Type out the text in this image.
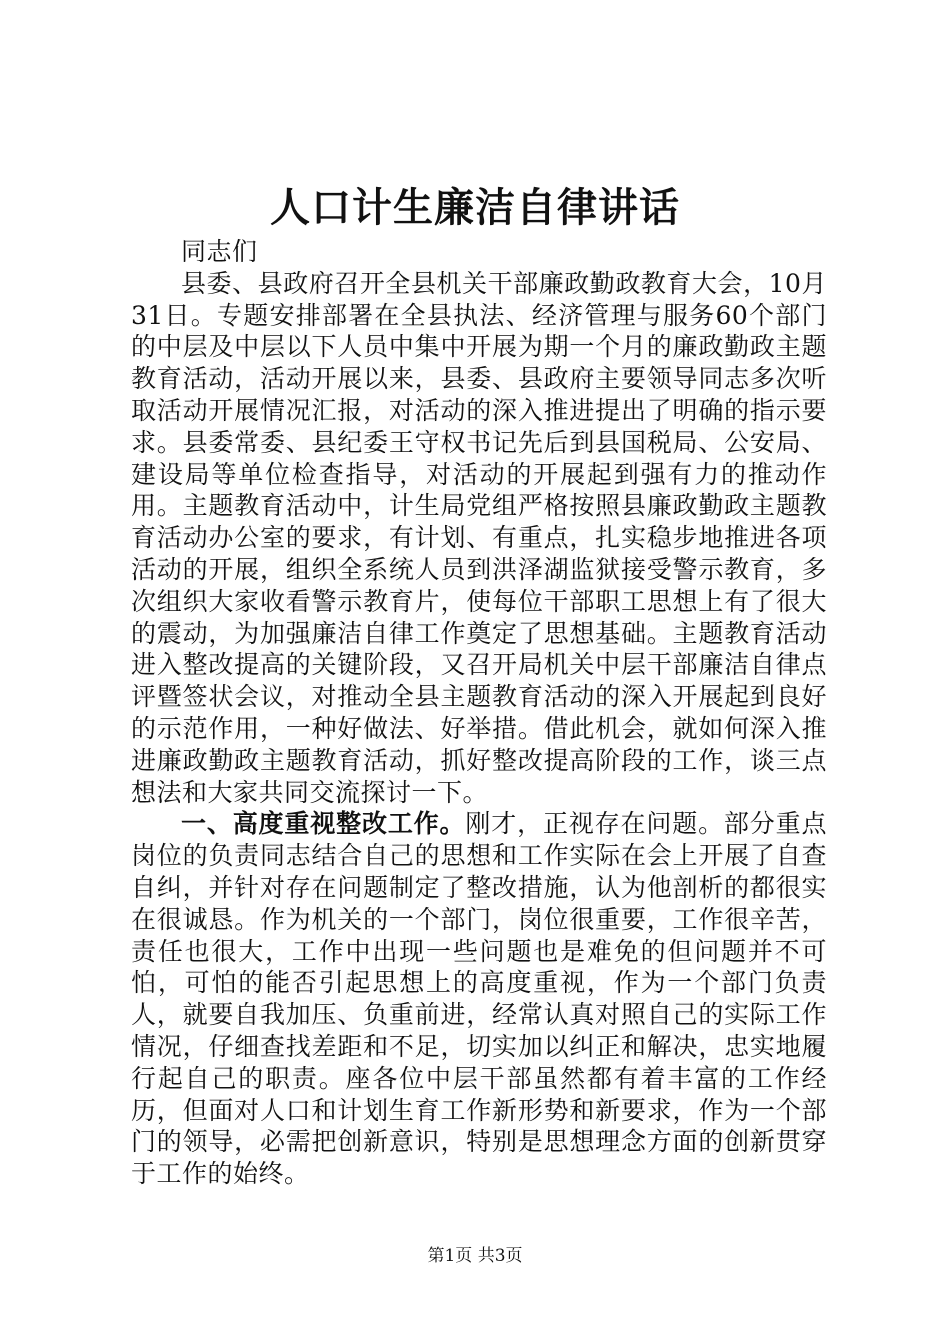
人口计生廉洁自律讲话

同志们

县委、县政府召开全县机关干部廉政勤政教育大会，10月31日。专题安排部署在全县执法、经济管理与服务60个部门的中层及中层以下人员中集中开展为期一个月的廉政勤政主题教育活动，活动开展以来，县委、县政府主要领导同志多次听取活动开展情况汇报，对活动的深入推进提出了明确的指示要求。县委常委、县纪委王守权书记先后到县国税局、公安局、建设局等单位检查指导，对活动的开展起到强有力的推动作用。主题教育活动中，计生局党组严格按照县廉政勤政主题教育活动办公室的要求，有计划、有重点，扎实稳步地推进各项活动的开展，组织全系统人员到洪泽湖监狱接受警示教育，多次组织大家收看警示教育片，使每位干部职工思想上有了很大的震动，为加强廉洁自律工作奠定了思想基础。主题教育活动进入整改提高的关键阶段，又召开局机关中层干部廉洁自律点评暨签状会议，对推动全县主题教育活动的深入开展起到良好的示范作用，一种好做法、好举措。借此机会，就如何深入推进廉政勤政主题教育活动，抓好整改提高阶段的工作，谈三点想法和大家共同交流探讨一下。

一、高度重视整改工作。刚才，正视存在问题。部分重点岗位的负责同志结合自己的思想和工作实际在会上开展了自查自纠，并针对存在问题制定了整改措施，认为他剖析的都很实在很诚恳。作为机关的一个部门，岗位很重要，工作很辛苦，责任也很大，工作中出现一些问题也是难免的但问题并不可怕，可怕的能否引起思想上的高度重视，作为一个部门负责人，就要自我加压、负重前进，经常认真对照自己的实际工作情况，仔细查找差距和不足，切实加以纠正和解决，忠实地履行起自己的职责。座各位中层干部虽然都有着丰富的工作经历，但面对人口和计划生育工作新形势和新要求，作为一个部门的领导，必需把创新意识，特别是思想理念方面的创新贯穿于工作的始终。

第1页 共3页
